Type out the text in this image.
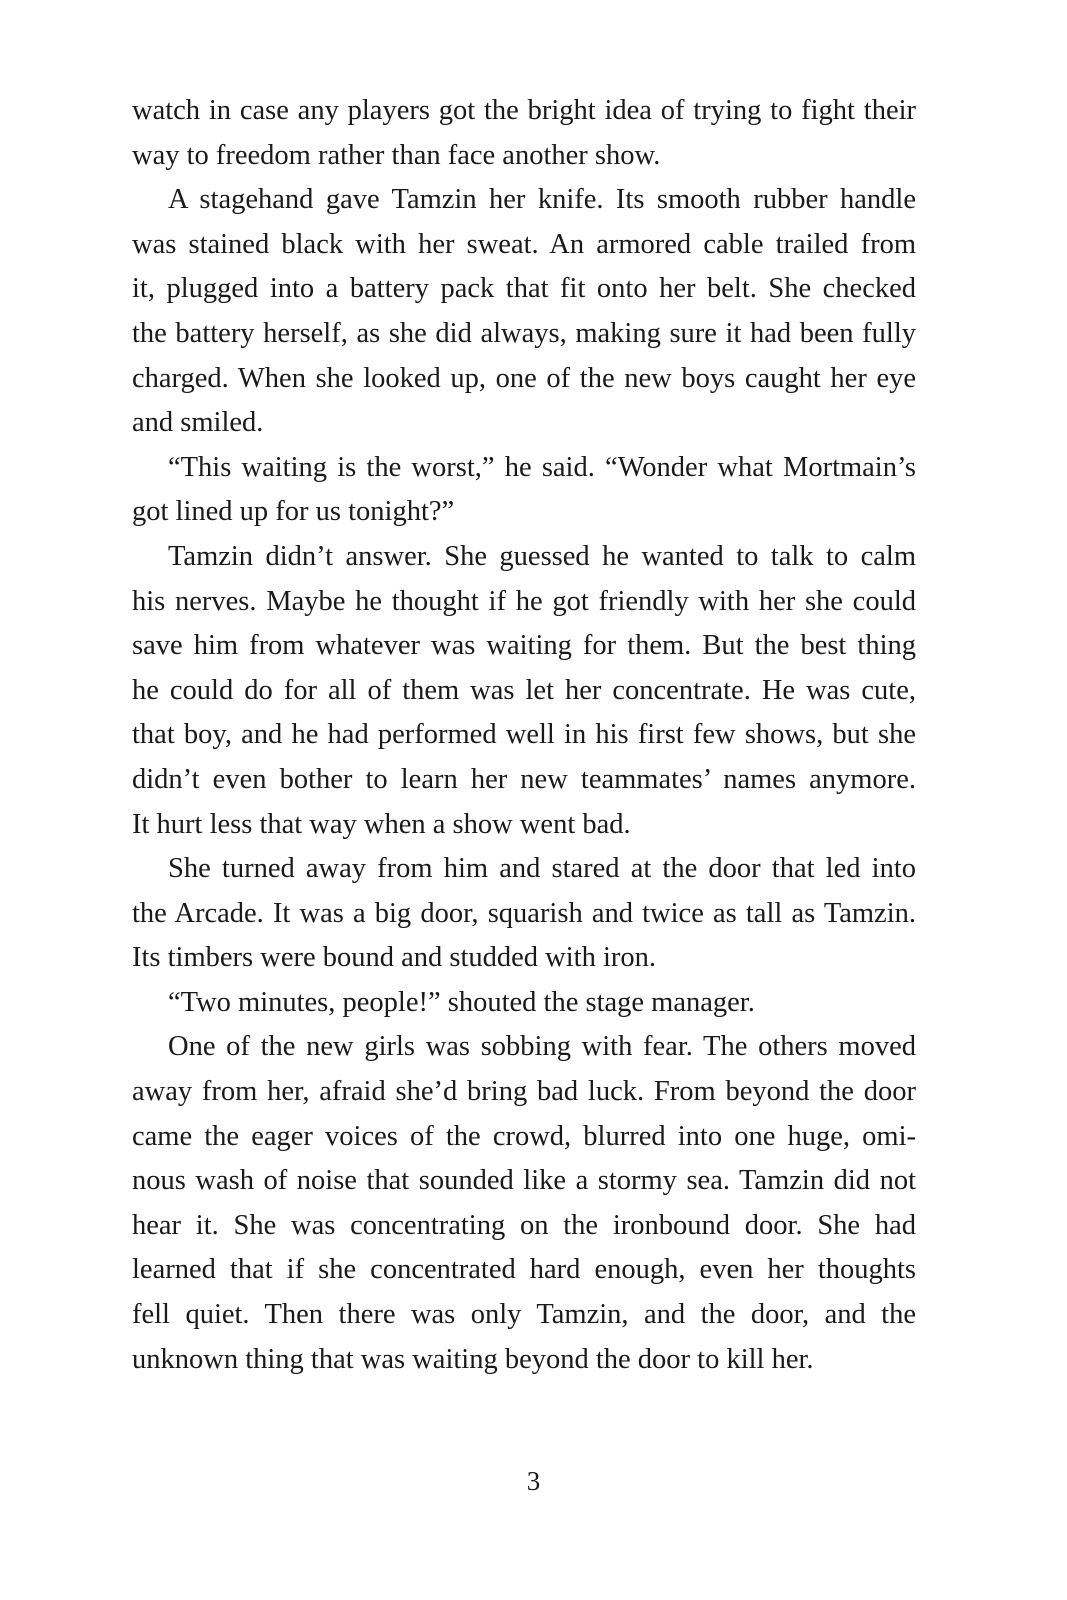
watch in case any players got the bright idea of trying to fight their
way to freedom rather than face another show.
A stagehand gave Tamzin her knife. Its smooth rubber handle
was stained black with her sweat. An armored cable trailed from
it, plugged into a battery pack that fit onto her belt. She checked
the battery herself, as she did always, making sure it had been fully
charged. When she looked up, one of the new boys caught her eye
and smiled.
“This waiting is the worst,” he said. “Wonder what Mortmain’s
got lined up for us tonight?”
Tamzin didn’t answer. She guessed he wanted to talk to calm
his nerves. Maybe he thought if he got friendly with her she could
save him from whatever was waiting for them. But the best thing
he could do for all of them was let her concentrate. He was cute,
that boy, and he had performed well in his first few shows, but she
didn’t even bother to learn her new teammates’ names anymore.
It hurt less that way when a show went bad.
She turned away from him and stared at the door that led into
the Arcade. It was a big door, squarish and twice as tall as Tamzin.
Its timbers were bound and studded with iron.
“Two minutes, people!” shouted the stage manager.
One of the new girls was sobbing with fear. The others moved
away from her, afraid she’d bring bad luck. From beyond the door
came the eager voices of the crowd, blurred into one huge, omi-
nous wash of noise that sounded like a stormy sea. Tamzin did not
hear it. She was concentrating on the ironbound door. She had
learned that if she concentrated hard enough, even her thoughts
fell quiet. Then there was only Tamzin, and the door, and the
unknown thing that was waiting beyond the door to kill her.
3
